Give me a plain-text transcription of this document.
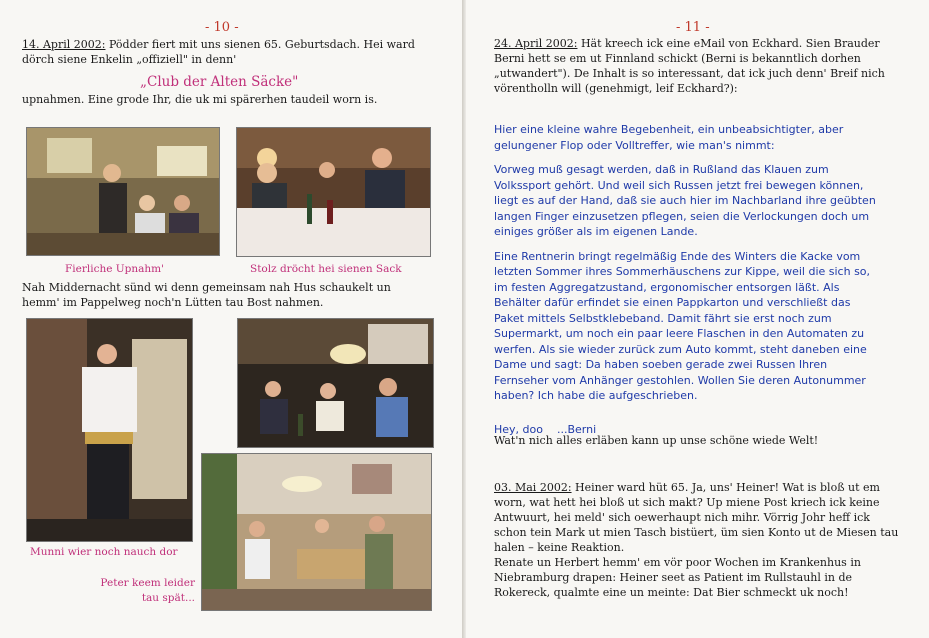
- 10 -
14. April 2002: Pödder fiert mit uns sienen 65. Geburtsdach. Hei ward
dörch siene Enkelin „offiziell" in denn'
„Club der Alten Säcke"
upnahmen. Eine grode Ihr, die uk mi spärerhen taudeil worn is.
Fierliche Upnahm'	Stolz dröcht hei sienen Sack
Nah Middernacht sünd wi denn gemeinsam nah Hus schaukelt un
hemm' im Pappelweg noch'n Lütten tau Bost nahmen.
Munni wier noch nauch dor
Peter keem leider
tau spät...
- 11 -
24. April 2002: Hät kreech ick eine eMail von Eckhard. Sien Brauder
Berni hett se em ut Finnland schickt (Berni is bekanntlich dorhen
„utwandert"). De Inhalt is so interessant, dat ick juch denn' Breif nich
vörentholln will (genehmigt, leif Eckhard?):
Hier eine kleine wahre Begebenheit, ein unbeabsichtigter, aber
gelungener Flop oder Volltreffer, wie man's nimmt:

Vorweg muß gesagt werden, daß in Rußland das Klauen zum
Volkssport gehört. Und weil sich Russen jetzt frei bewegen können,
liegt es auf der Hand, daß sie auch hier im Nachbarland ihre geübten
langen Finger einzusetzen pflegen, seien die Verlockungen doch um
einiges größer als im eigenen Lande.

Eine Rentnerin bringt regelmäßig Ende des Winters die Kacke vom
letzten Sommer ihres Sommerhäuschens zur Kippe, weil die sich so,
im festen Aggregatzustand, ergonomischer entsorgen läßt. Als
Behälter dafür erfindet sie einen Pappkarton und verschließt das
Paket mittels Selbstklebeband. Damit fährt sie erst noch zum
Supermarkt, um noch ein paar leere Flaschen in den Automaten zu
werfen. Als sie wieder zurück zum Auto kommt, steht daneben eine
Dame und sagt: Da haben soeben gerade zwei Russen Ihren
Fernseher vom Anhänger gestohlen. Wollen Sie deren Autonummer
haben? Ich habe die aufgeschrieben.

Hey, doo    ...Berni
Wat'n nich alles erläben kann up unse schöne wiede Welt!
03. Mai 2002: Heiner ward hüt 65. Ja, uns' Heiner! Wat is bloß ut em
worn, wat hett hei bloß ut sich makt? Up miene Post kriech ick keine
Antwuurt, hei meld' sich oewerhaupt nich mihr. Vörrig Johr heff ick
schon tein Mark ut mien Tasch bistüert, üm sien Konto ut de Miesen tau
halen – keine Reaktion.
Renate un Herbert hemm' em vör poor Wochen im Krankenhus in
Niebramburg drapen: Heiner seet as Patient im Rullstauhl in de
Rokereck, qualmte eine un meinte: Dat Bier schmeckt uk noch!
